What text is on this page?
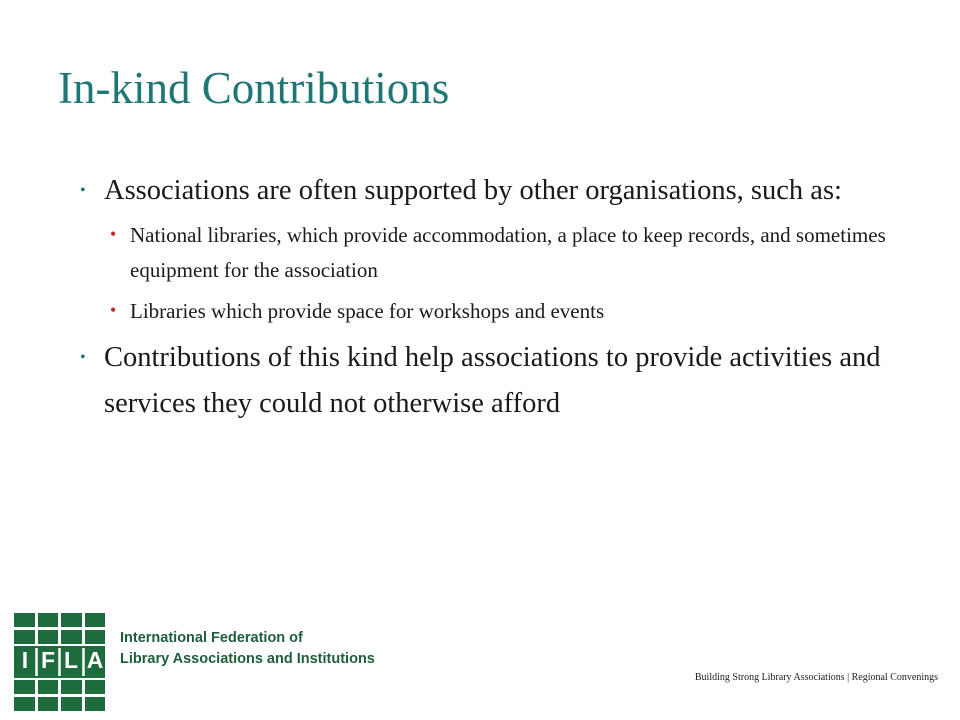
In-kind Contributions
• Associations are often supported by other organisations, such as:
• National libraries, which provide accommodation, a place to keep records, and sometimes equipment for the association
• Libraries which provide space for workshops and events
• Contributions of this kind help associations to provide activities and services they could not otherwise afford
I F L A
International Federation of
Library Associations and Institutions
Building Strong Library Associations | Regional Convenings
